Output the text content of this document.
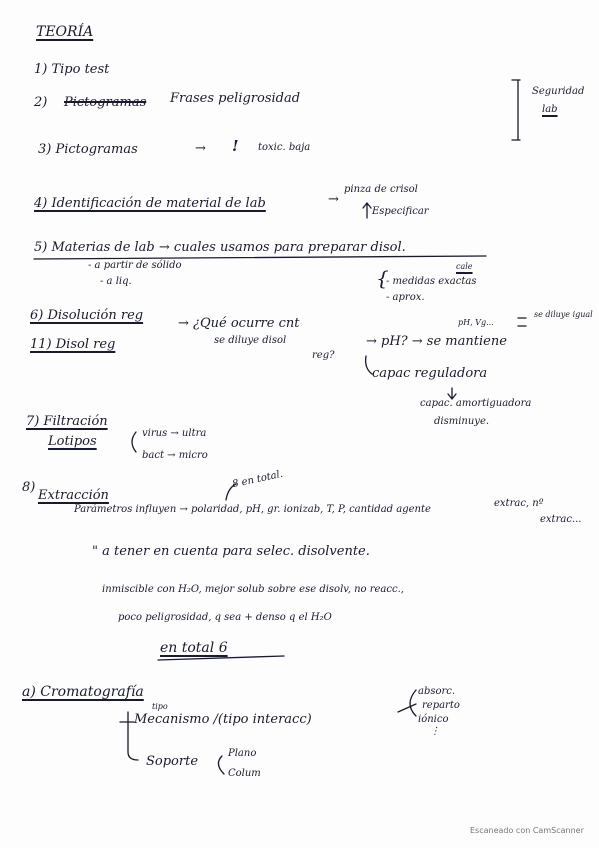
TEORÍA
1) Tipo test
2) Pictogramas Frases peligrosidad
3) Pictogramas	→ ! toxic. baja
Seguridad
lab
4) Identificación de material de lab	→
pinza de crisol
Especificar
5) Materias de lab → cuales usamos para preparar disol.
- a partir de sólido
- a liq.
cale
{
- medidas exactas
- aprox.
6) Disolución reg
→ ¿Qué ocurre cnt
se diluye disol
reg?
pH, Vg...
se diluye igual
11) Disol reg	→ pH? → se mantiene
capac reguladora
capac. amortiguadora
disminuye.
7) Filtración
Lotipos
virus → ultra
bact → micro
8)
Extracción
8 en total.
Parámetros influyen → polaridad, pH, gr. ionizab, T, P, cantidad agente
extrac, nº
extrac...
" a tener en cuenta para selec. disolvente.
inmiscible con H₂O, mejor solub sobre ese disolv, no reacc.,
poco peligrosidad, q sea + denso q el H₂O
en total 6
a) Cromatografía
tipo
Mecanismo /(tipo interacc)
absorc.
reparto
iónico
⋮
Soporte
Plano
Colum
Escaneado con CamScanner
